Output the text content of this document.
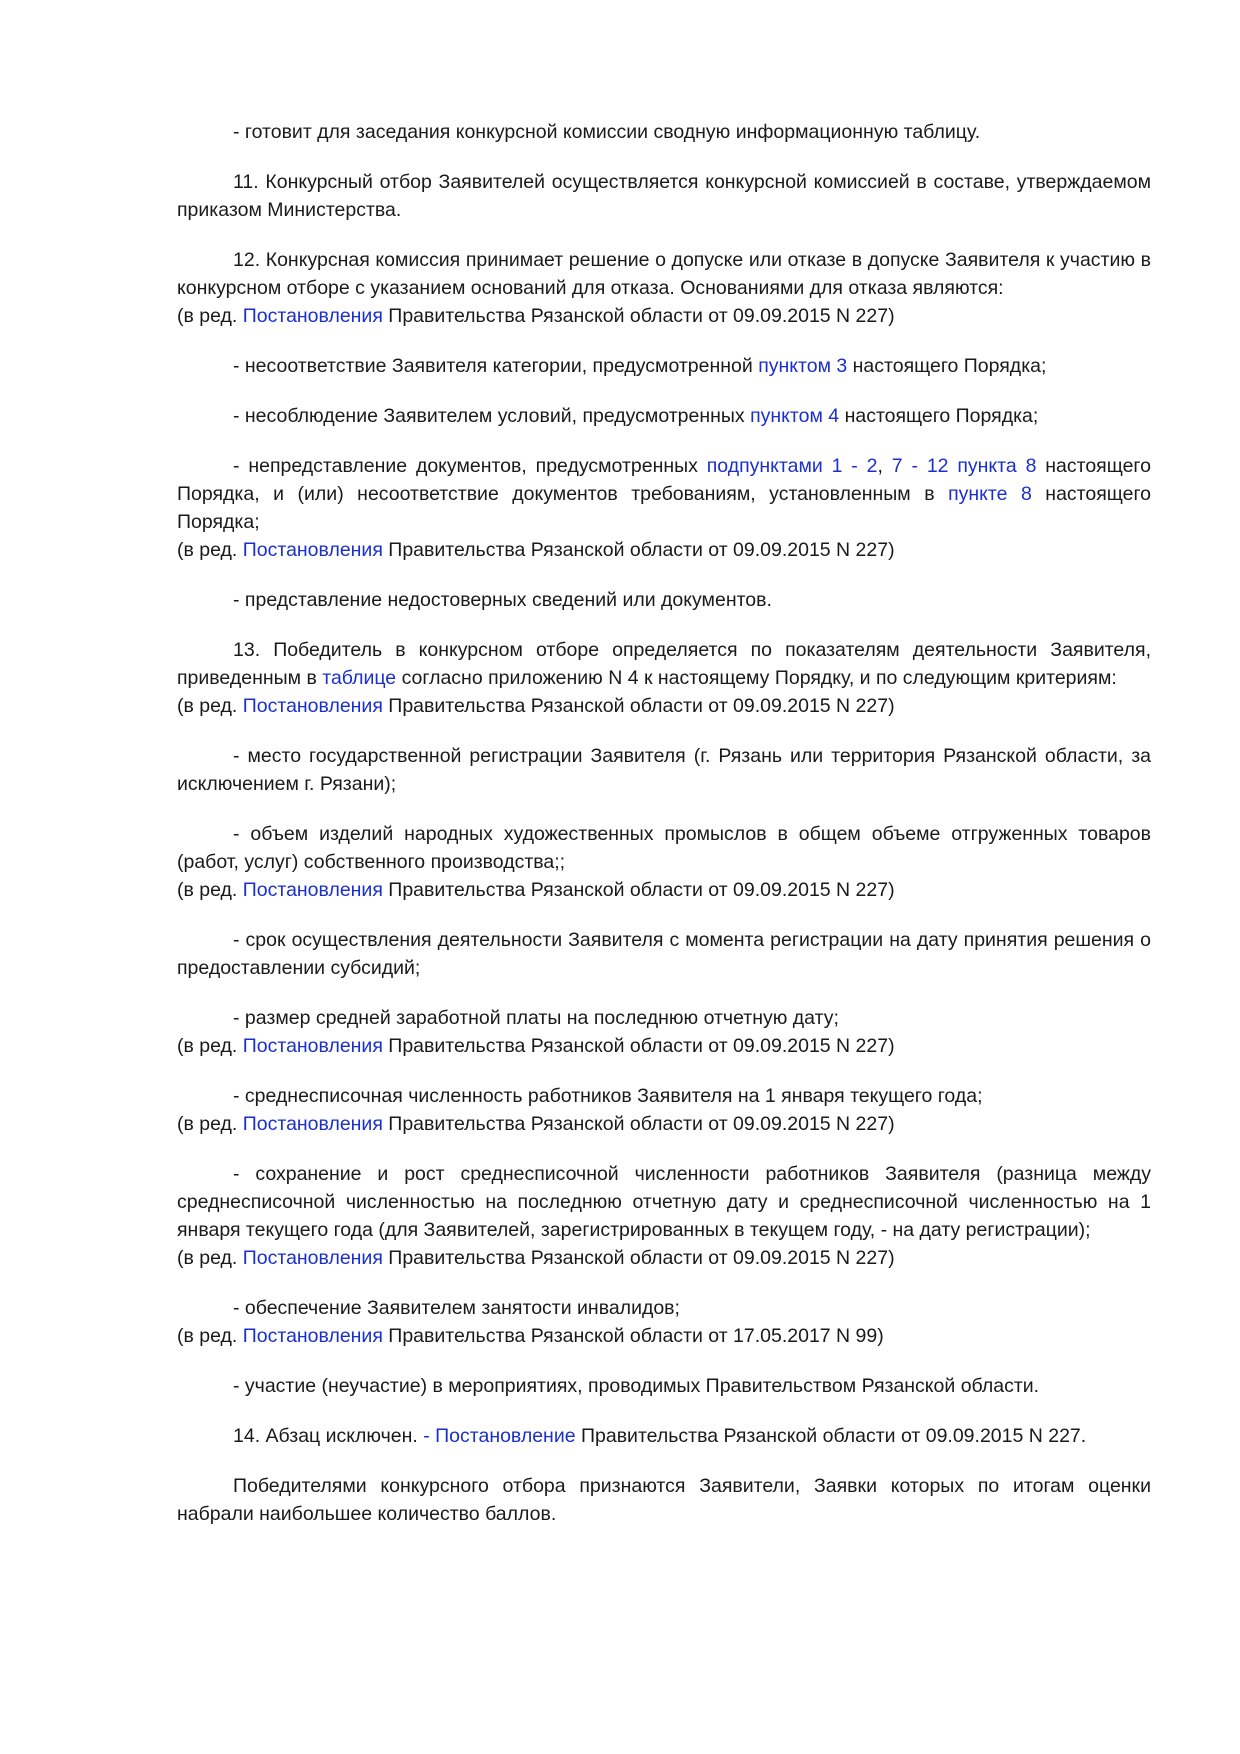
- готовит для заседания конкурсной комиссии сводную информационную таблицу.

11. Конкурсный отбор Заявителей осуществляется конкурсной комиссией в составе, утверждаемом приказом Министерства.

12. Конкурсная комиссия принимает решение о допуске или отказе в допуске Заявителя к участию в конкурсном отборе с указанием оснований для отказа. Основаниями для отказа являются:

(в ред. Постановления Правительства Рязанской области от 09.09.2015 N 227)

- несоответствие Заявителя категории, предусмотренной пунктом 3 настоящего Порядка;

- несоблюдение Заявителем условий, предусмотренных пунктом 4 настоящего Порядка;

- непредставление документов, предусмотренных подпунктами 1 - 2, 7 - 12 пункта 8 настоящего Порядка, и (или) несоответствие документов требованиям, установленным в пункте 8 настоящего Порядка;

(в ред. Постановления Правительства Рязанской области от 09.09.2015 N 227)

- представление недостоверных сведений или документов.

13. Победитель в конкурсном отборе определяется по показателям деятельности Заявителя, приведенным в таблице согласно приложению N 4 к настоящему Порядку, и по следующим критериям:

(в ред. Постановления Правительства Рязанской области от 09.09.2015 N 227)

- место государственной регистрации Заявителя (г. Рязань или территория Рязанской области, за исключением г. Рязани);

- объем изделий народных художественных промыслов в общем объеме отгруженных товаров (работ, услуг) собственного производства;;

(в ред. Постановления Правительства Рязанской области от 09.09.2015 N 227)

- срок осуществления деятельности Заявителя с момента регистрации на дату принятия решения о предоставлении субсидий;

- размер средней заработной платы на последнюю отчетную дату;

(в ред. Постановления Правительства Рязанской области от 09.09.2015 N 227)

- среднесписочная численность работников Заявителя на 1 января текущего года;

(в ред. Постановления Правительства Рязанской области от 09.09.2015 N 227)

- сохранение и рост среднесписочной численности работников Заявителя (разница между среднесписочной численностью на последнюю отчетную дату и среднесписочной численностью на 1 января текущего года (для Заявителей, зарегистрированных в текущем году, - на дату регистрации);

(в ред. Постановления Правительства Рязанской области от 09.09.2015 N 227)

- обеспечение Заявителем занятости инвалидов;

(в ред. Постановления Правительства Рязанской области от 17.05.2017 N 99)

- участие (неучастие) в мероприятиях, проводимых Правительством Рязанской области.

14. Абзац исключен. - Постановление Правительства Рязанской области от 09.09.2015 N 227.

Победителями конкурсного отбора признаются Заявители, Заявки которых по итогам оценки набрали наибольшее количество баллов.
